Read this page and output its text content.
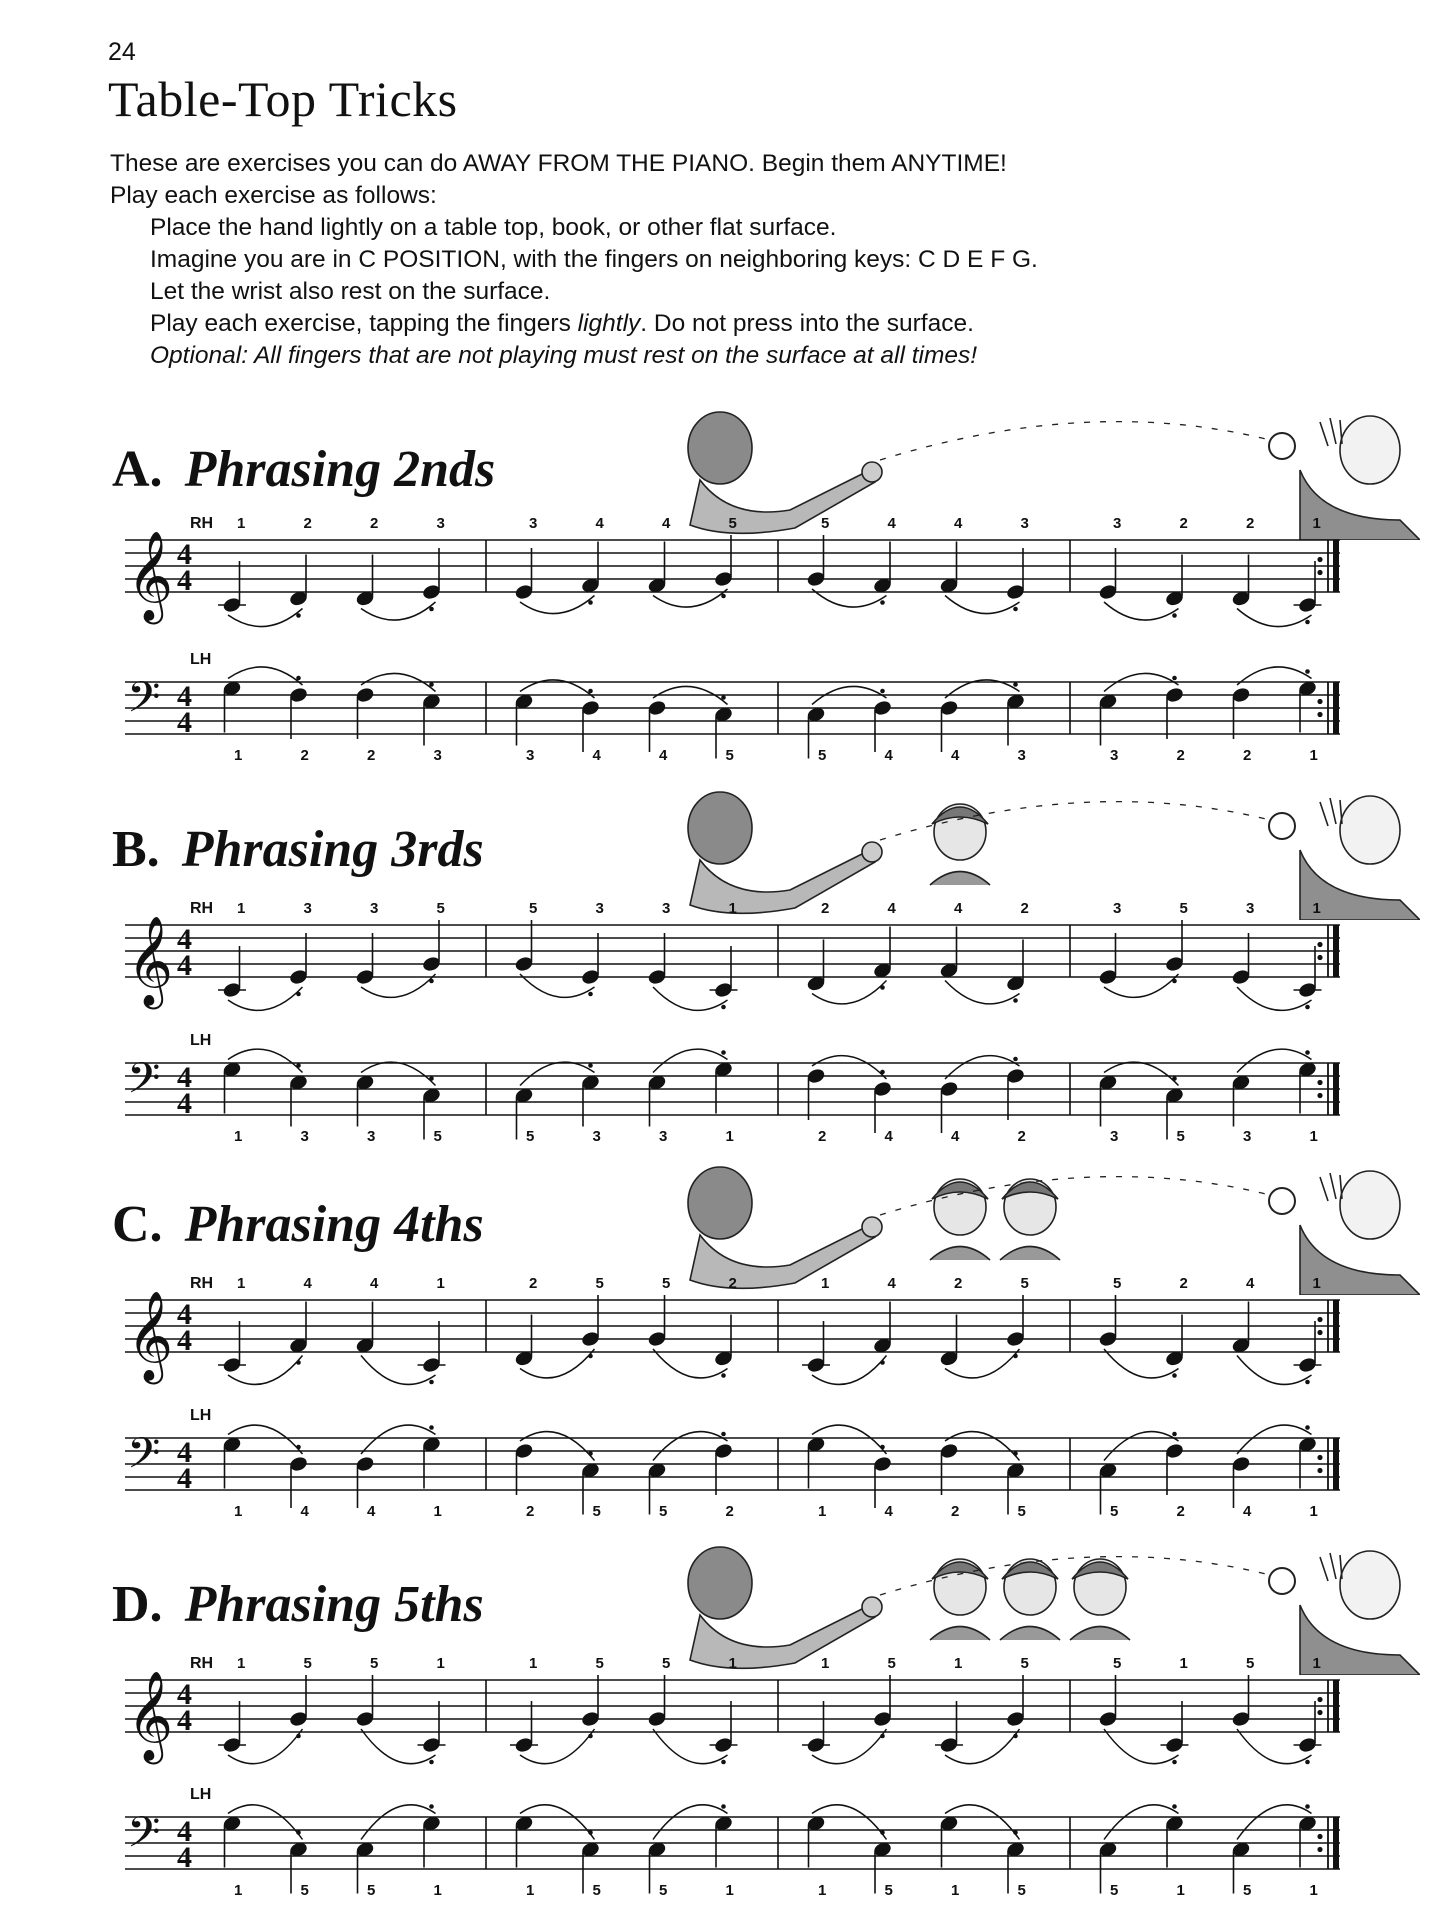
24
Table-Top Tricks
These are exercises you can do AWAY FROM THE PIANO. Begin them ANYTIME!
Play each exercise as follows:
Place the hand lightly on a table top, book, or other flat surface.
Imagine you are in C POSITION, with the fingers on neighboring keys: C D E F G.
Let the wrist also rest on the surface.
Play each exercise, tapping the fingers lightly. Do not press into the surface.
Optional: All fingers that are not playing must rest on the surface at all times!
A. Phrasing 2nds
𝄞 4
4
RH 1	2	2	3	3	4	4	5	5	4	4	3	3	2	2	1
𝄢 4
4
LH
1	2	2	3	3	4	4	5	5	4	4	3	3	2	2	1
B. Phrasing 3rds
𝄞 4
4
RH 1	3	3	5	5	3	3	1	2	4	4	2	3	5	3	1
𝄢 4
4
LH
1	3	3	5	5	3	3	1	2	4	4	2	3	5	3	1
C. Phrasing 4ths
𝄞 4
4
RH 1	4	4	1	2	5	5	2	1	4	2	5	5	2	4	1
𝄢 4
4
LH
1	4	4	1	2	5	5	2	1	4	2	5	5	2	4	1
D. Phrasing 5ths
𝄞 4
4
RH 1	5	5	1	1	5	5	1	1	5	1	5	5	1	5	1
𝄢 4
4
LH
1	5	5	1	1	5	5	1	1	5	1	5	5	1	5	1
